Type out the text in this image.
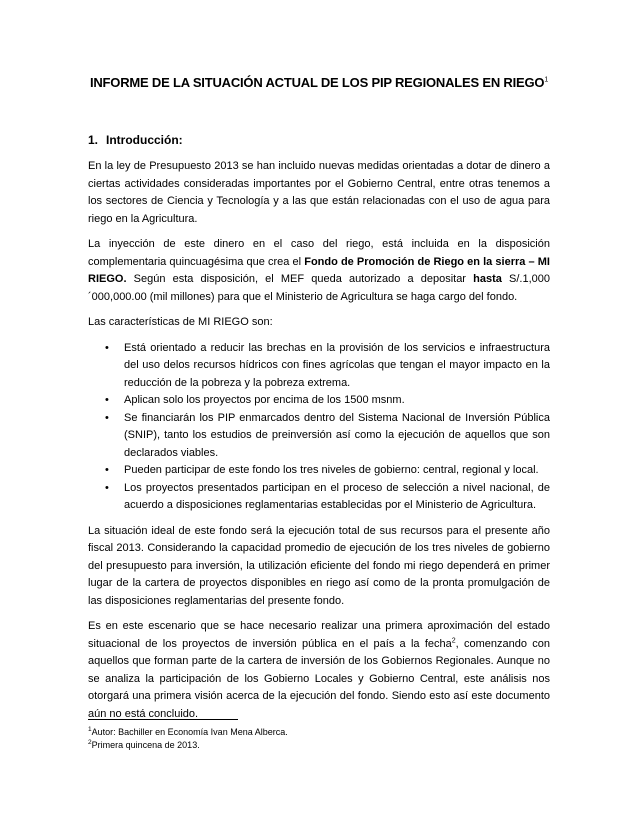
INFORME DE LA SITUACIÓN ACTUAL DE LOS PIP REGIONALES EN RIEGO$^1$
1. Introducción:

En la ley de Presupuesto 2013 se han incluido nuevas medidas orientadas a dotar de dinero a ciertas actividades consideradas importantes por el Gobierno Central, entre otras tenemos a los sectores de Ciencia y Tecnología y a las que están relacionadas con el uso de agua para riego en la Agricultura.

La inyección de este dinero en el caso del riego, está incluida en la disposición complementaria quincuagésima que crea el Fondo de Promoción de Riego en la sierra – MI RIEGO. Según esta disposición, el MEF queda autorizado a depositar hasta S/.1,000´000,000.00 (mil millones) para que el Ministerio de Agricultura se haga cargo del fondo.

Las características de MI RIEGO son:

• Está orientado a reducir las brechas en la provisión de los servicios e infraestructura del uso delos recursos hídricos con fines agrícolas que tengan el mayor impacto en la reducción de la pobreza y la pobreza extrema.
• Aplican solo los proyectos por encima de los 1500 msnm.
• Se financiarán los PIP enmarcados dentro del Sistema Nacional de Inversión Pública (SNIP), tanto los estudios de preinversión así como la ejecución de aquellos que son declarados viables.
• Pueden participar de este fondo los tres niveles de gobierno: central, regional y local.
• Los proyectos presentados participan en el proceso de selección a nivel nacional, de acuerdo a disposiciones reglamentarias establecidas por el Ministerio de Agricultura.

La situación ideal de este fondo será la ejecución total de sus recursos para el presente año fiscal 2013. Considerando la capacidad promedio de ejecución de los tres niveles de gobierno del presupuesto para inversión, la utilización eficiente del fondo mi riego dependerá en primer lugar de la cartera de proyectos disponibles en riego así como de la pronta promulgación de las disposiciones reglamentarias del presente fondo.

Es en este escenario que se hace necesario realizar una primera aproximación del estado situacional de los proyectos de inversión pública en el país a la fecha$^2$, comenzando con aquellos que forman parte de la cartera de inversión de los Gobiernos Regionales. Aunque no se analiza la participación de los Gobierno Locales y Gobierno Central, este análisis nos otorgará una primera visión acerca de la ejecución del fondo. Siendo esto así este documento aún no está concluido.

$^1$Autor: Bachiller en Economía Ivan Mena Alberca.

$^2$Primera quincena de 2013.
